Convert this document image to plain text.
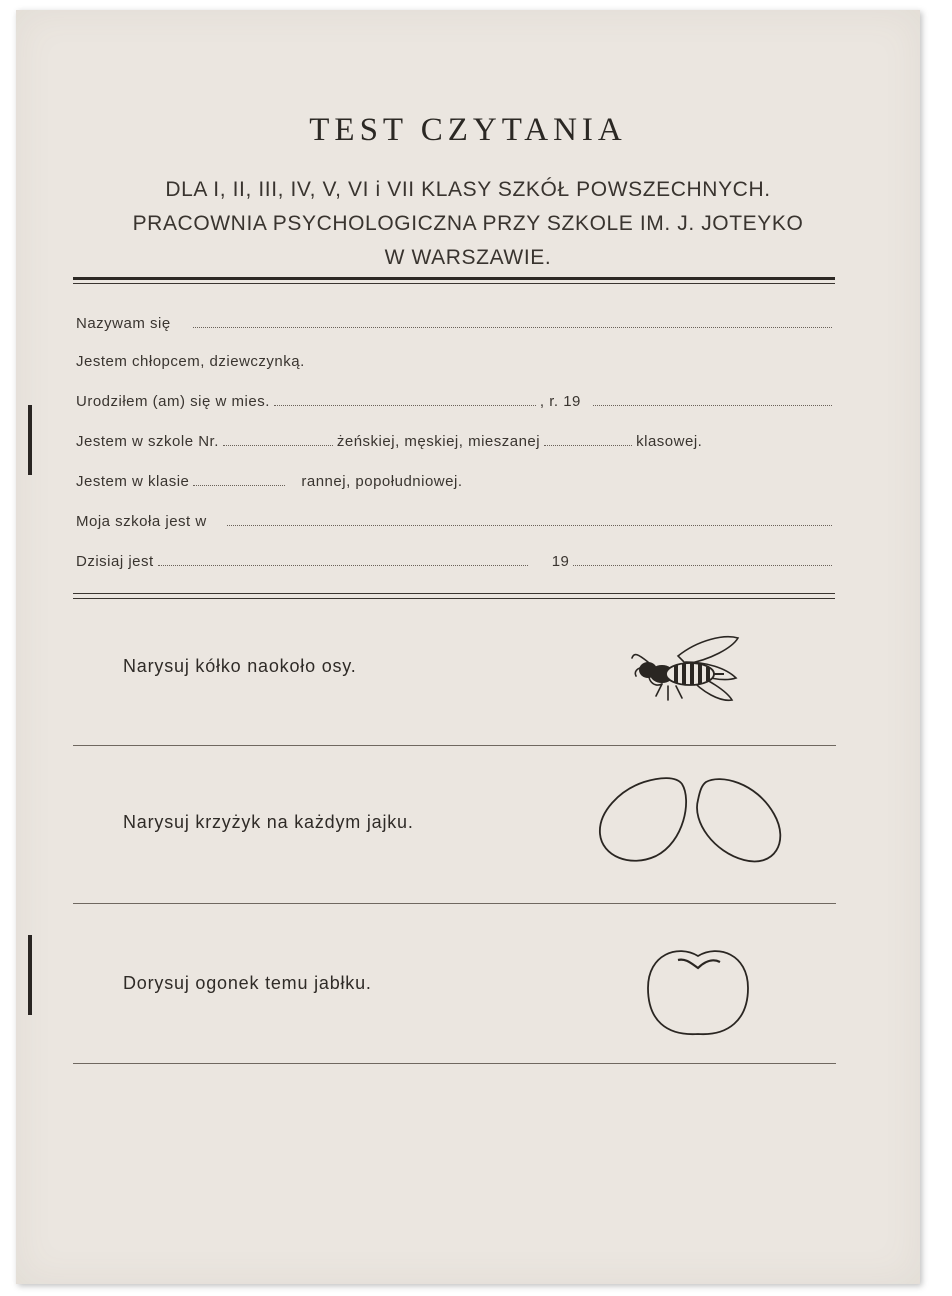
TEST CZYTANIA

DLA I, II, III, IV, V, VI i VII KLASY SZKÓŁ POWSZECHNYCH.

PRACOWNIA PSYCHOLOGICZNA PRZY SZKOLE IM. J. JOTEYKO

W WARSZAWIE.

Nazywam się
Jestem chłopcem, dziewczynką.
Urodziłem (am) się w mies.	, r. 19
Jestem w szkole Nr.	żeńskiej, męskiej, mieszanej	klasowej.
Jestem w klasie	rannej, popołudniowej.
Moja szkoła jest w
Dzisiaj jest	19

Narysuj kółko naokoło osy.

Narysuj krzyżyk na każdym jajku.

Dorysuj ogonek temu jabłku.
